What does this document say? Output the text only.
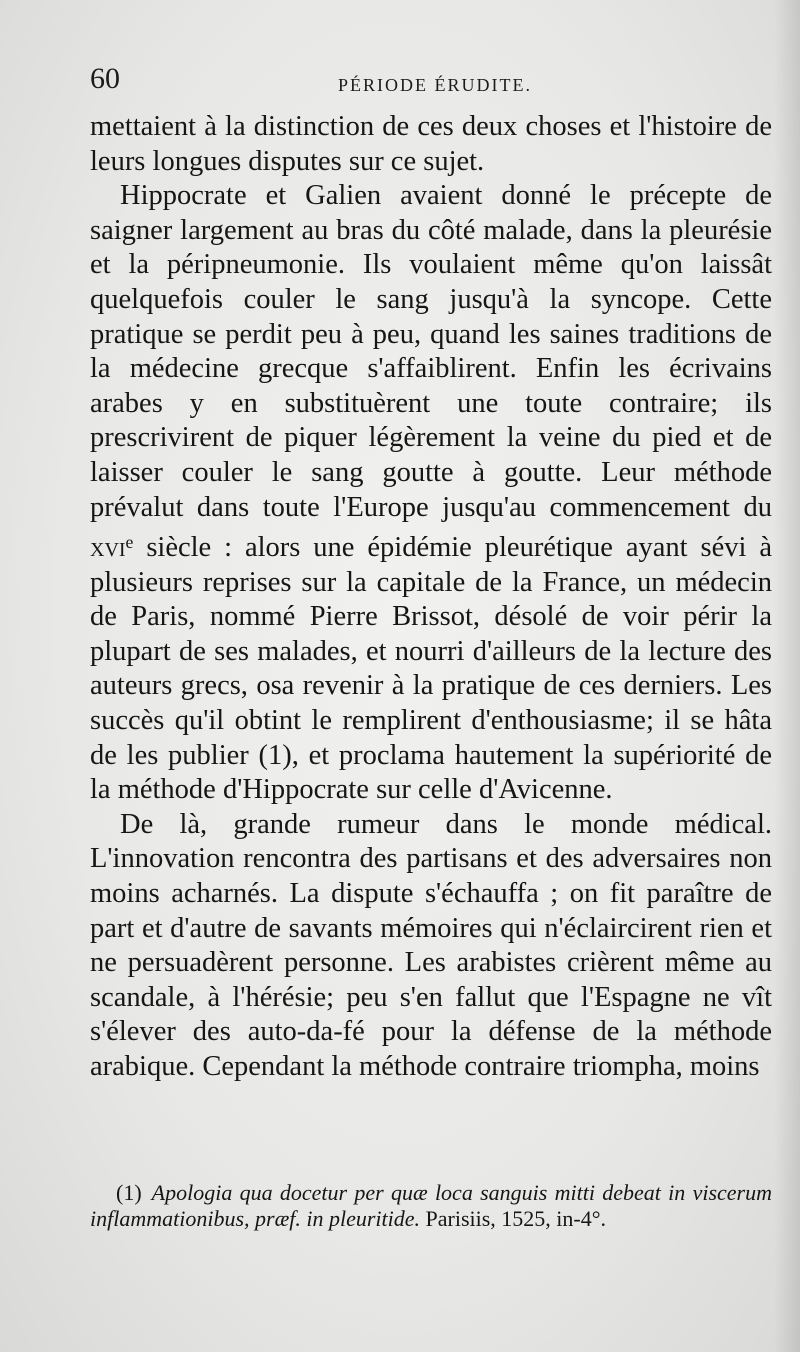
60	PÉRIODE ÉRUDITE.

mettaient à la distinction de ces deux choses et l'histoire de leurs longues disputes sur ce sujet.

Hippocrate et Galien avaient donné le précepte de saigner largement au bras du côté malade, dans la pleurésie et la péripneumonie. Ils voulaient même qu'on laissât quelquefois couler le sang jusqu'à la syncope. Cette pratique se perdit peu à peu, quand les saines traditions de la médecine grecque s'affaiblirent. Enfin les écrivains arabes y en substituèrent une toute contraire; ils prescrivirent de piquer légèrement la veine du pied et de laisser couler le sang goutte à goutte. Leur méthode prévalut dans toute l'Europe jusqu'au commencement du xvi$^e$ siècle : alors une épidémie pleurétique ayant sévi à plusieurs reprises sur la capitale de la France, un médecin de Paris, nommé Pierre Brissot, désolé de voir périr la plupart de ses malades, et nourri d'ailleurs de la lecture des auteurs grecs, osa revenir à la pratique de ces derniers. Les succès qu'il obtint le remplirent d'enthousiasme; il se hâta de les publier (1), et proclama hautement la supériorité de la méthode d'Hippocrate sur celle d'Avicenne.

De là, grande rumeur dans le monde médical. L'innovation rencontra des partisans et des adversaires non moins acharnés. La dispute s'échauffa ; on fit paraître de part et d'autre de savants mémoires qui n'éclaircirent rien et ne persuadèrent personne. Les arabistes crièrent même au scandale, à l'hérésie; peu s'en fallut que l'Espagne ne vît s'élever des auto-da-fé pour la défense de la méthode arabique. Cependant la méthode contraire triompha, moins

(1) Apologia qua docetur per quæ loca sanguis mitti debeat in viscerum inflammationibus, præf. in pleuritide. Parisiis, 1525, in-4°.
